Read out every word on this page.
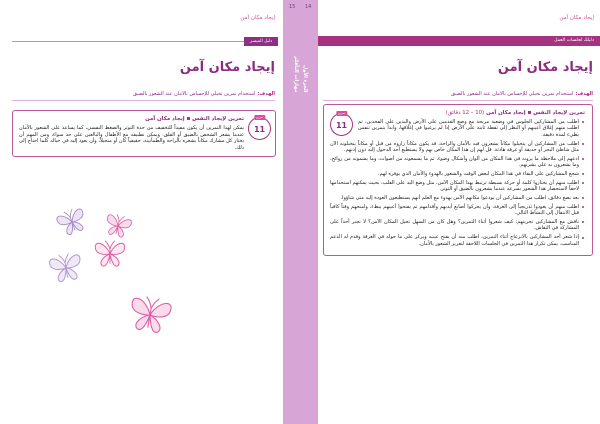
إيجاد مكان آمن
دليل الميسر
إيجاد مكان آمن
الهدف:استخدام تمرين تخيلي للإحساس بالأمان عند الشعور بالضيق
تمرين
11
تمرين لإيجاد النفسإيجاد مكان آمن

يمكن لهذا التمرين أن يكون مفيداً للتخفيف من حدة التوتر والضغط النفسي، كما يساعد على الشعور بالأمان عندما يشعر الشخص بالضيق أو القلق. ويمكن تطبيقه مع الأطفال والبالغين على حد سواء، ومن المهم أن يختار كل مشارك مكاناً يشعره بالراحة والطمأنينة، حقيقياً كان أو متخيلاً، وأن يعود إليه في خياله كلما احتاج إلى ذلك.

15 14
الجزء الأول
مهارات التأقلم
إيجاد مكان آمن
دليلك لجلسات العمل
إيجاد مكان آمن
الهدف:استخدام تمرين تخيلي للإحساس بالأمان عند الشعور بالضيق
تمرين
11
تمرين لإيجاد النفسإيجاد مكان آمن(10 – 12 دقائق)
اطلب من المشاركين الجلوس في وضعية مريحة مع وضع القدمين على الأرض واليدين على الفخذين، ثم اطلب منهم إغلاق أعينهم أو النظر إلى نقطة ثابتة على الأرض إذا لم يرغبوا في إغلاقها، وابدأ بتمرين تنفس بطيء لمدة دقيقة.
اطلب من المشاركين أن يتخيلوا مكاناً يشعرون فيه بالأمان والراحة، قد يكون مكاناً زاروه من قبل أو مكاناً يتخيلونه الآن مثل شاطئ البحر أو حديقة أو غرفة هادئة. قل لهم إن هذا المكان خاص بهم ولا يستطيع أحد الدخول إليه دون إذنهم.
ادعهم إلى ملاحظة ما يرونه في هذا المكان من ألوان وأشكال وضوء، ثم ما يسمعونه من أصوات، وما يشمونه من روائح، وما يشعرون به على بشرتهم.
شجع المشاركين على البقاء في هذا المكان لبعض الوقت والشعور بالهدوء والأمان الذي يوفره لهم.
اطلب منهم أن يختاروا كلمة أو حركة بسيطة ترتبط بهذا المكان الآمن، مثل وضع اليد على القلب، بحيث يمكنهم استخدامها لاحقاً لاستحضار هذا الشعور بسرعة عندما يشعرون بالضيق أو التوتر.
بعد بضع دقائق، اطلب من المشاركين أن يودعوا مكانهم الآمن بهدوء مع العلم أنهم يستطيعون العودة إليه متى شاؤوا.
اطلب منهم أن يعودوا تدريجياً إلى الغرفة، وأن يحركوا أصابع أيديهم وأقدامهم ثم يفتحوا أعينهم ببطء، وامنحهم وقتاً كافياً قبل الانتقال إلى النشاط التالي.
ناقش مع المشاركين تجربتهم: كيف شعروا أثناء التمرين؟ وهل كان من السهل تخيل المكان الآمن؟ لا تجبر أحداً على المشاركة في النقاش.
إذا شعر أحد المشاركين بالانزعاج أثناء التمرين، اطلب منه أن يفتح عينيه ويركز على ما حوله في الغرفة وقدم له الدعم المناسب. يمكن تكرار هذا التمرين في الجلسات اللاحقة لتعزيز الشعور بالأمان.
